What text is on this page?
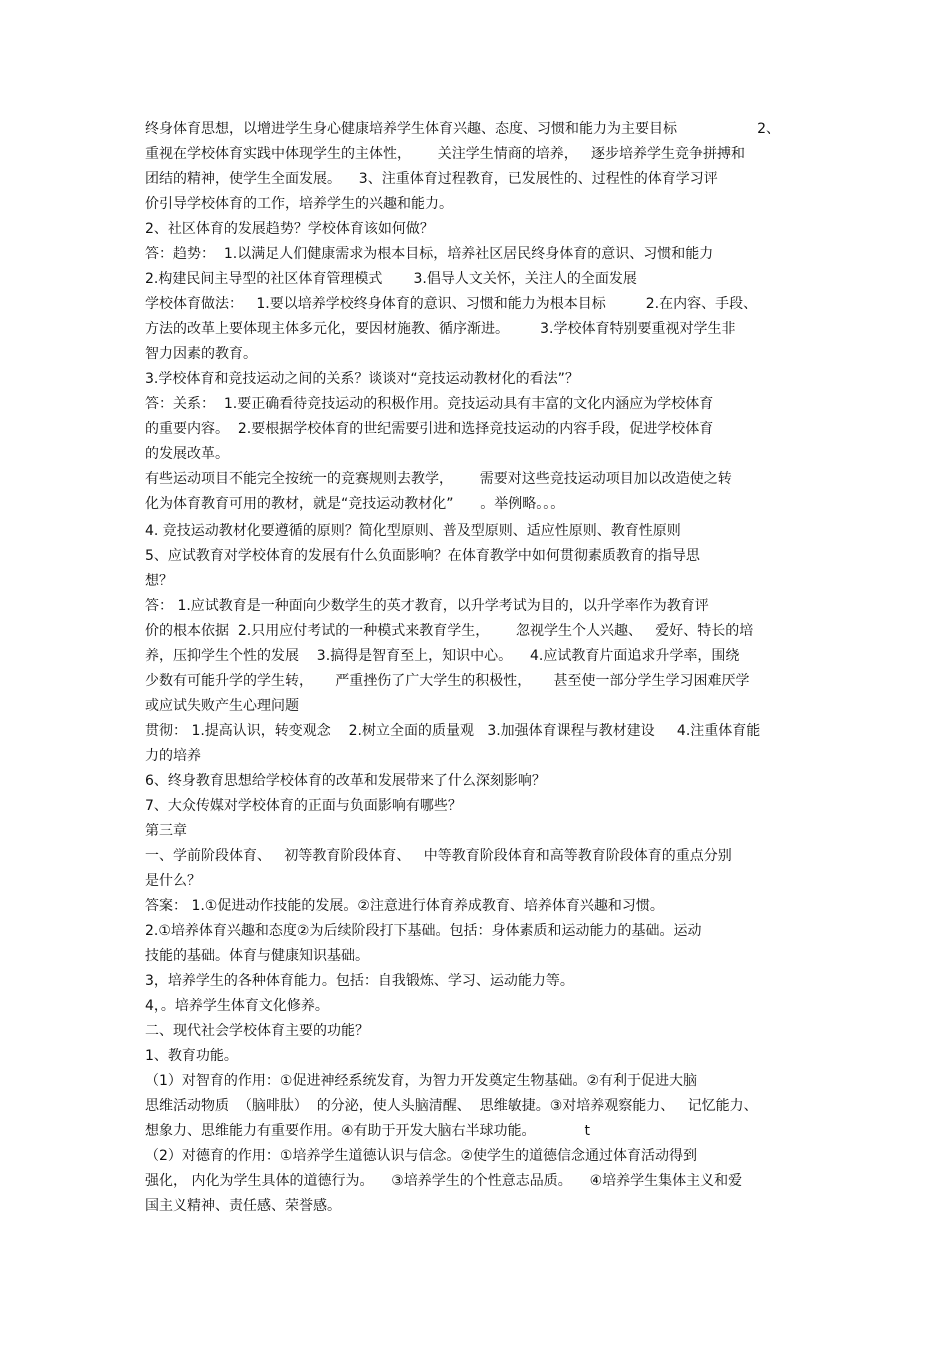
终身体育思想，以增进学生身心健康培养学生体育兴趣、态度、习惯和能力为主要目标                  2、
重视在学校体育实践中体现学生的主体性，      关注学生情商的培养，   逐步培养学生竞争拼搏和
团结的精神，使学生全面发展。    3、注重体育过程教育，已发展性的、过程性的体育学习评
价引导学校体育的工作，培养学生的兴趣和能力。
2、社区体育的发展趋势？学校体育该如何做？
答：趋势：  1.以满足人们健康需求为根本目标，培养社区居民终身体育的意识、习惯和能力
2.构建民间主导型的社区体育管理模式       3.倡导人文关怀，关注人的全面发展
学校体育做法：   1.要以培养学校终身体育的意识、习惯和能力为根本目标         2.在内容、手段、
方法的改革上要体现主体多元化，要因材施教、循序渐进。       3.学校体育特别要重视对学生非
智力因素的教育。
3.学校体育和竞技运动之间的关系？谈谈对“竞技运动教材化的看法”？
答：关系：  1.要正确看待竞技运动的积极作用。竞技运动具有丰富的文化内涵应为学校体育
的重要内容。  2.要根据学校体育的世纪需要引进和选择竞技运动的内容手段，促进学校体育
的发展改革。
有些运动项目不能完全按统一的竞赛规则去教学，      需要对这些竞技运动项目加以改造使之转
化为体育教育可用的教材，就是“竞技运动教材化”      。举例略。。。
4. 竞技运动教材化要遵循的原则？简化型原则、普及型原则、适应性原则、教育性原则
5、应试教育对学校体育的发展有什么负面影响？在体育教学中如何贯彻素质教育的指导思
想？
答： 1.应试教育是一种面向少数学生的英才教育，以升学考试为目的，以升学率作为教育评
价的根本依据  2.只用应付考试的一种模式来教育学生，      忽视学生个人兴趣、   爱好、特长的培
养，压抑学生个性的发展    3.搞得是智育至上，知识中心。    4.应试教育片面追求升学率，围绕
少数有可能升学的学生转，     严重挫伤了广大学生的积极性，     甚至使一部分学生学习困难厌学
或应试失败产生心理问题
贯彻： 1.提高认识，转变观念    2.树立全面的质量观   3.加强体育课程与教材建设     4.注重体育能
力的培养
6、终身教育思想给学校体育的改革和发展带来了什么深刻影响？
7、大众传媒对学校体育的正面与负面影响有哪些？
第三章
一、学前阶段体育、   初等教育阶段体育、   中等教育阶段体育和高等教育阶段体育的重点分别
是什么？
答案： 1.①促进动作技能的发展。②注意进行体育养成教育、培养体育兴趣和习惯。
2.①培养体育兴趣和态度②为后续阶段打下基础。包括：身体素质和运动能力的基础。运动
技能的基础。体育与健康知识基础。
3，培养学生的各种体育能力。包括：自我锻炼、学习、运动能力等。
4，。培养学生体育文化修养。
二、现代社会学校体育主要的功能？
1、教育功能。
（1）对智育的作用：①促进神经系统发育，为智力开发奠定生物基础。②有利于促进大脑
思维活动物质  （脑啡肽）  的分泌，使人头脑清醒、  思维敏捷。③对培养观察能力、   记忆能力、
想象力、思维能力有重要作用。④有助于开发大脑右半球功能。           t
（2）对德育的作用：①培养学生道德认识与信念。②使学生的道德信念通过体育活动得到
强化， 内化为学生具体的道德行为。    ③培养学生的个性意志品质。    ④培养学生集体主义和爱
国主义精神、责任感、荣誉感。
